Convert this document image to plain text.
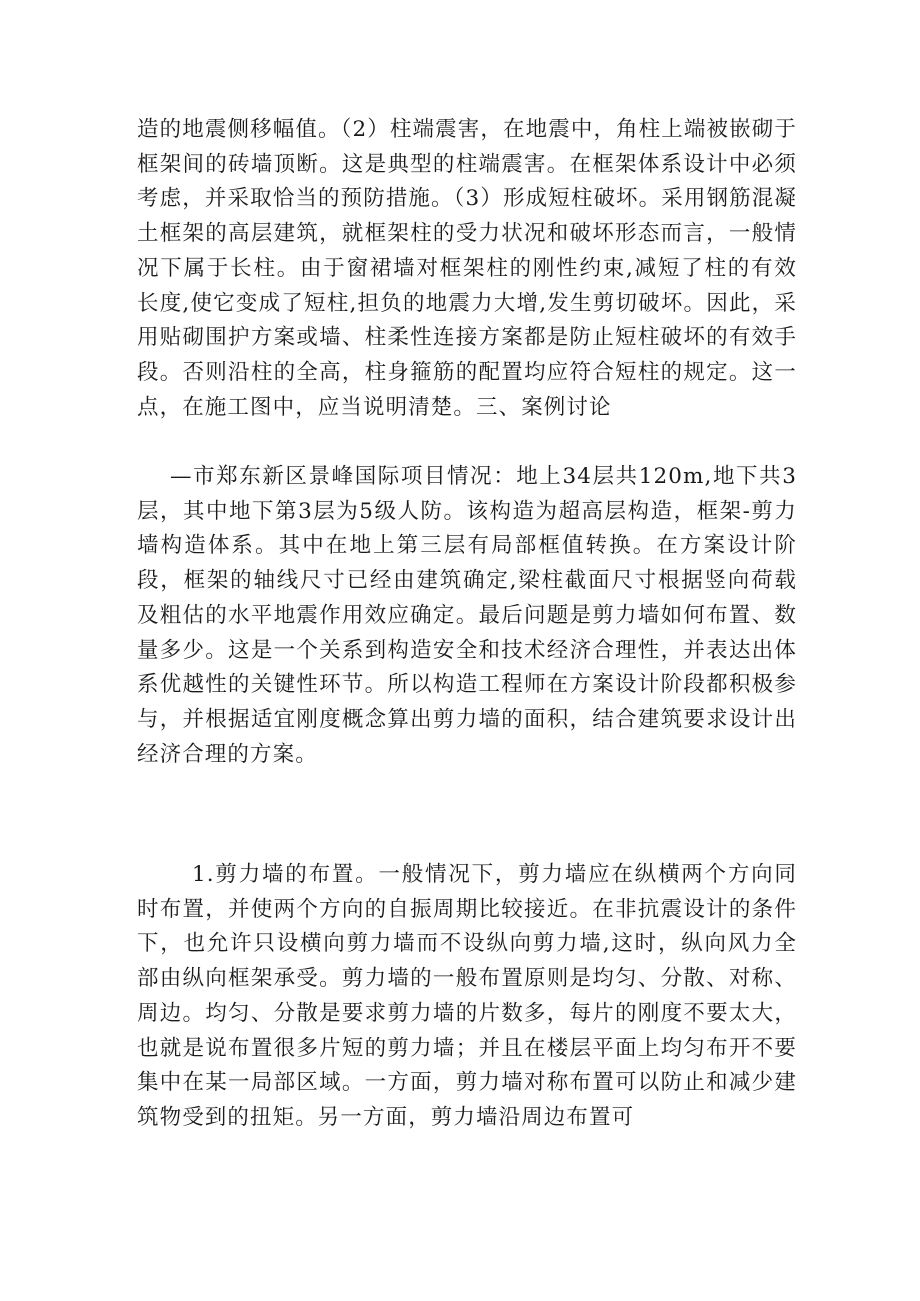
造的地震侧移幅值。（2）柱端震害，在地震中，角柱上端被嵌砌于框架间的砖墙顶断。这是典型的柱端震害。在框架体系设计中必须考虑，并采取恰当的预防措施。（3）形成短柱破坏。采用钢筋混凝土框架的高层建筑，就框架柱的受力状况和破坏形态而言，一般情况下属于长柱。由于窗裙墙对框架柱的刚性约束,减短了柱的有效长度,使它变成了短柱,担负的地震力大增,发生剪切破坏。因此，采用贴砌围护方案或墙、柱柔性连接方案都是防止短柱破坏的有效手段。否则沿柱的全高，柱身箍筋的配置均应符合短柱的规定。这一点，在施工图中，应当说明清楚。三、案例讨论

—市郑东新区景峰国际项目情况：地上34层共120m,地下共3层，其中地下第3层为5级人防。该构造为超高层构造，框架-剪力墙构造体系。其中在地上第三层有局部框值转换。在方案设计阶段，框架的轴线尺寸已经由建筑确定,梁柱截面尺寸根据竖向荷载及粗估的水平地震作用效应确定。最后问题是剪力墙如何布置、数量多少。这是一个关系到构造安全和技术经济合理性，并表达出体系优越性的关键性环节。所以构造工程师在方案设计阶段都积极参与，并根据适宜刚度概念算出剪力墙的面积，结合建筑要求设计出经济合理的方案。

1.剪力墙的布置。一般情况下，剪力墙应在纵横两个方向同时布置，并使两个方向的自振周期比较接近。在非抗震设计的条件下，也允许只设横向剪力墙而不设纵向剪力墙,这时，纵向风力全部由纵向框架承受。剪力墙的一般布置原则是均匀、分散、对称、周边。均匀、分散是要求剪力墙的片数多，每片的刚度不要太大，也就是说布置很多片短的剪力墙；并且在楼层平面上均匀布开不要集中在某一局部区域。一方面，剪力墙对称布置可以防止和减少建筑物受到的扭矩。另一方面，剪力墙沿周边布置可
